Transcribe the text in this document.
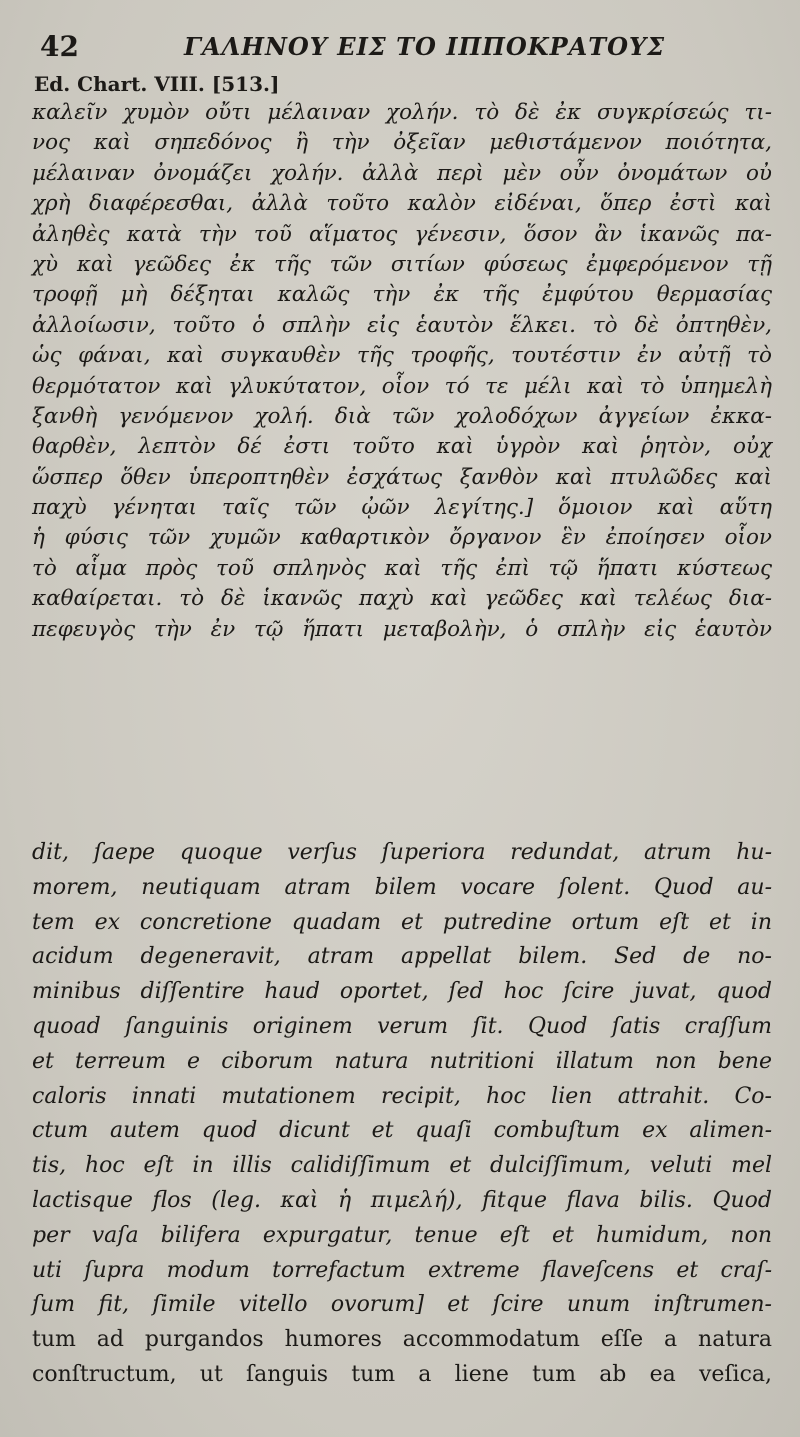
42	ΓΑΛΗΝΟΥ ΕΙΣ ΤΟ ΙΠΠΟΚΡΑΤΟΥΣ
Ed. Chart. VIII. [513.]
καλεῖν χυμὸν οὔτι μέλαιναν χολήν. τὸ δὲ ἐκ συγκρίσεώς τι-
νος καὶ σηπεδόνος ἢ τὴν ὀξεῖαν μεθιστάμενον ποιότητα,
μέλαιναν ὀνομάζει χολήν. ἀλλὰ περὶ μὲν οὖν ὀνομάτων οὐ
χρὴ διαφέρεσθαι, ἀλλὰ τοῦτο καλὸν εἰδέναι, ὅπερ ἐστὶ καὶ
ἀληθὲς κατὰ τὴν τοῦ αἵματος γένεσιν, ὅσον ἂν ἱκανῶς πα-
χὺ καὶ γεῶδες ἐκ τῆς τῶν σιτίων φύσεως ἐμφερόμενον τῇ
τροφῇ μὴ δέξηται καλῶς τὴν ἐκ τῆς ἐμφύτου θερμασίας
ἀλλοίωσιν, τοῦτο ὁ σπλὴν εἰς ἑαυτὸν ἕλκει. τὸ δὲ ὀπτηθὲν,
ὡς φάναι, καὶ συγκαυθὲν τῆς τροφῆς, τουτέστιν ἐν αὐτῇ τὸ
θερμότατον καὶ γλυκύτατον, οἷον τό τε μέλι καὶ τὸ ὑπημελὴ
ξανθὴ γενόμενον χολή. διὰ τῶν χολοδόχων ἀγγείων ἐκκα-
θαρθὲν, λεπτὸν δέ ἐστι τοῦτο καὶ ὑγρὸν καὶ ῥητὸν, οὐχ
ὥσπερ ὅθεν ὑπεροπτηθὲν ἐσχάτως ξανθὸν καὶ πτυλῶδες καὶ
παχὺ γένηται ταῖς τῶν ᾠῶν λεγίτης.] ὅμοιον καὶ αὕτη
ἡ φύσις τῶν χυμῶν καθαρτικὸν ὄργανον ἓν ἐποίησεν οἷον
τὸ αἷμα πρὸς τοῦ σπληνὸς καὶ τῆς ἐπὶ τῷ ἥπατι κύστεως
καθαίρεται. τὸ δὲ ἱκανῶς παχὺ καὶ γεῶδες καὶ τελέως δια-
πεφευγὸς τὴν ἐν τῷ ἥπατι μεταβολὴν, ὁ σπλὴν εἰς ἑαυτὸν
dit, ſaepe quoque verſus ſuperiora redundat, atrum hu-
morem, neutiquam atram bilem vocare ſolent. Quod au-
tem ex concretione quadam et putredine ortum eſt et in
acidum degeneravit, atram appellat bilem. Sed de no-
minibus diſſentire haud oportet, ſed hoc ſcire juvat, quod
quoad ſanguinis originem verum ſit. Quod ſatis craſſum
et terreum e ciborum natura nutritioni illatum non bene
caloris innati mutationem recipit, hoc lien attrahit. Co-
ctum autem quod dicunt et quaſi combuſtum ex alimen-
tis, hoc eſt in illis calidiſſimum et dulciſſimum, veluti mel
lactisque flos (leg. καὶ ἡ πιμελή), fitque flava bilis. Quod
per vaſa bilifera expurgatur, tenue eſt et humidum, non
uti ſupra modum torrefactum extreme flaveſcens et craſ-
ſum fit, ſimile vitello ovorum] et ſcire unum inſtrumen-
tum ad purgandos humores accommodatum eſſe a natura
conſtructum, ut ſanguis tum a liene tum ab ea veſica,
